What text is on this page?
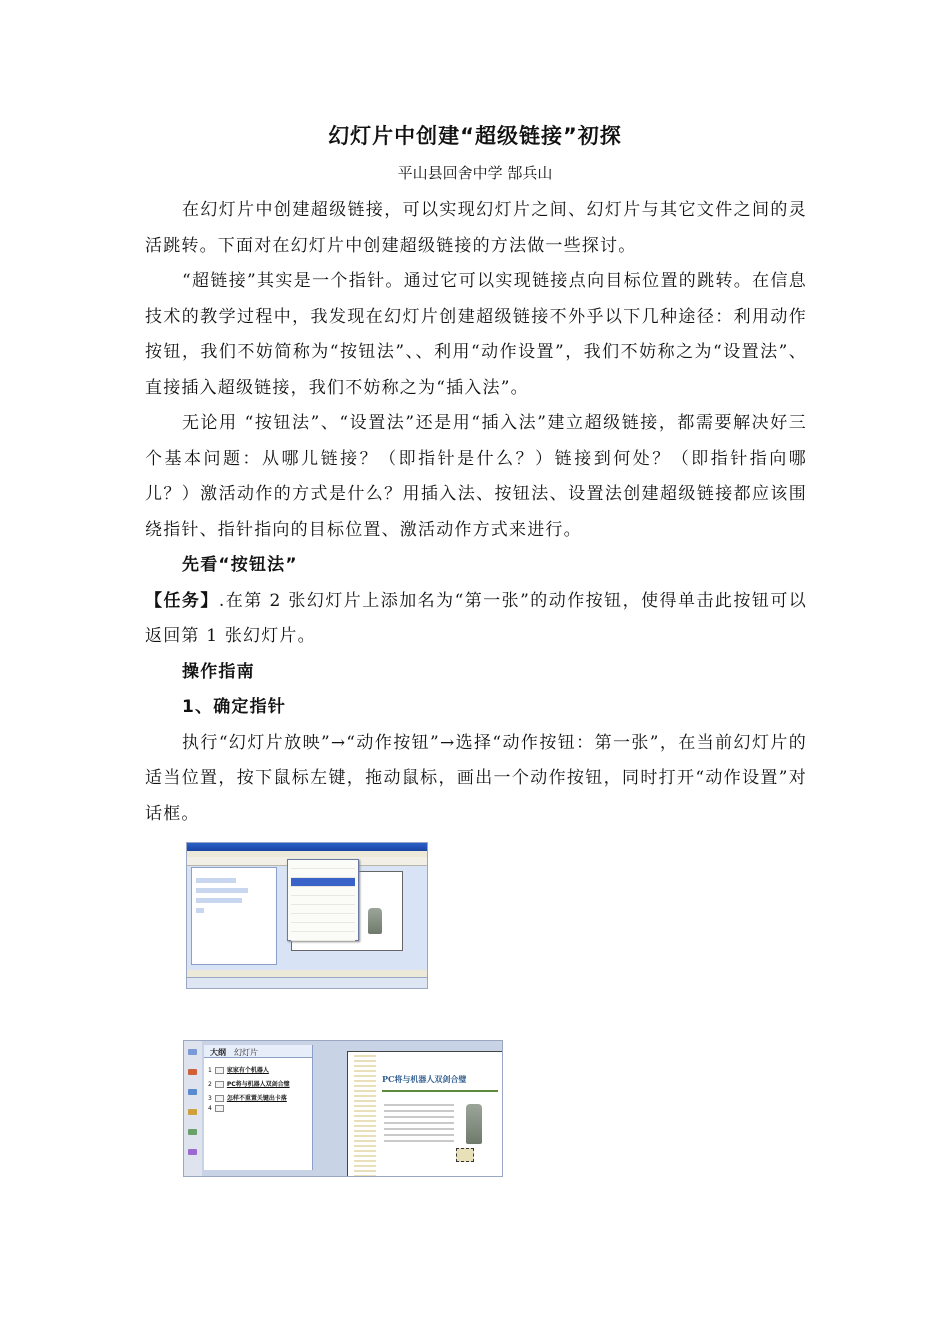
幻灯片中创建“超级链接”初探
平山县回舍中学 郜兵山

在幻灯片中创建超级链接，可以实现幻灯片之间、幻灯片与其它文件之间的灵活跳转。下面对在幻灯片中创建超级链接的方法做一些探讨。

“超链接”其实是一个指针。通过它可以实现链接点向目标位置的跳转。在信息技术的教学过程中，我发现在幻灯片创建超级链接不外乎以下几种途径：利用动作按钮，我们不妨简称为“按钮法”、、利用“动作设置”，我们不妨称之为“设置法”、直接插入超级链接，我们不妨称之为“插入法”。

无论用 “按钮法”、“设置法”还是用“插入法”建立超级链接，都需要解决好三个基本问题：从哪儿链接？（即指针是什么？）链接到何处？（即指针指向哪儿？）激活动作的方式是什么？用插入法、按钮法、设置法创建超级链接都应该围绕指针、指针指向的目标位置、激活动作方式来进行。

先看“按钮法”

【任务】.在第 2 张幻灯片上添加名为“第一张”的动作按钮，使得单击此按钮可以返回第 1 张幻灯片。

操作指南

1、确定指针

执行“幻灯片放映”→“动作按钮”→选择“动作按钮：第一张”，在当前幻灯片的适当位置，按下鼠标左键，拖动鼠标，画出一个动作按钮，同时打开“动作设置”对话框。

大纲 幻灯片
1	家家有个机器人
2	PC将与机器人双剑合璧
3	怎样不重置关键出卡落
4
PC将与机器人双剑合璧
